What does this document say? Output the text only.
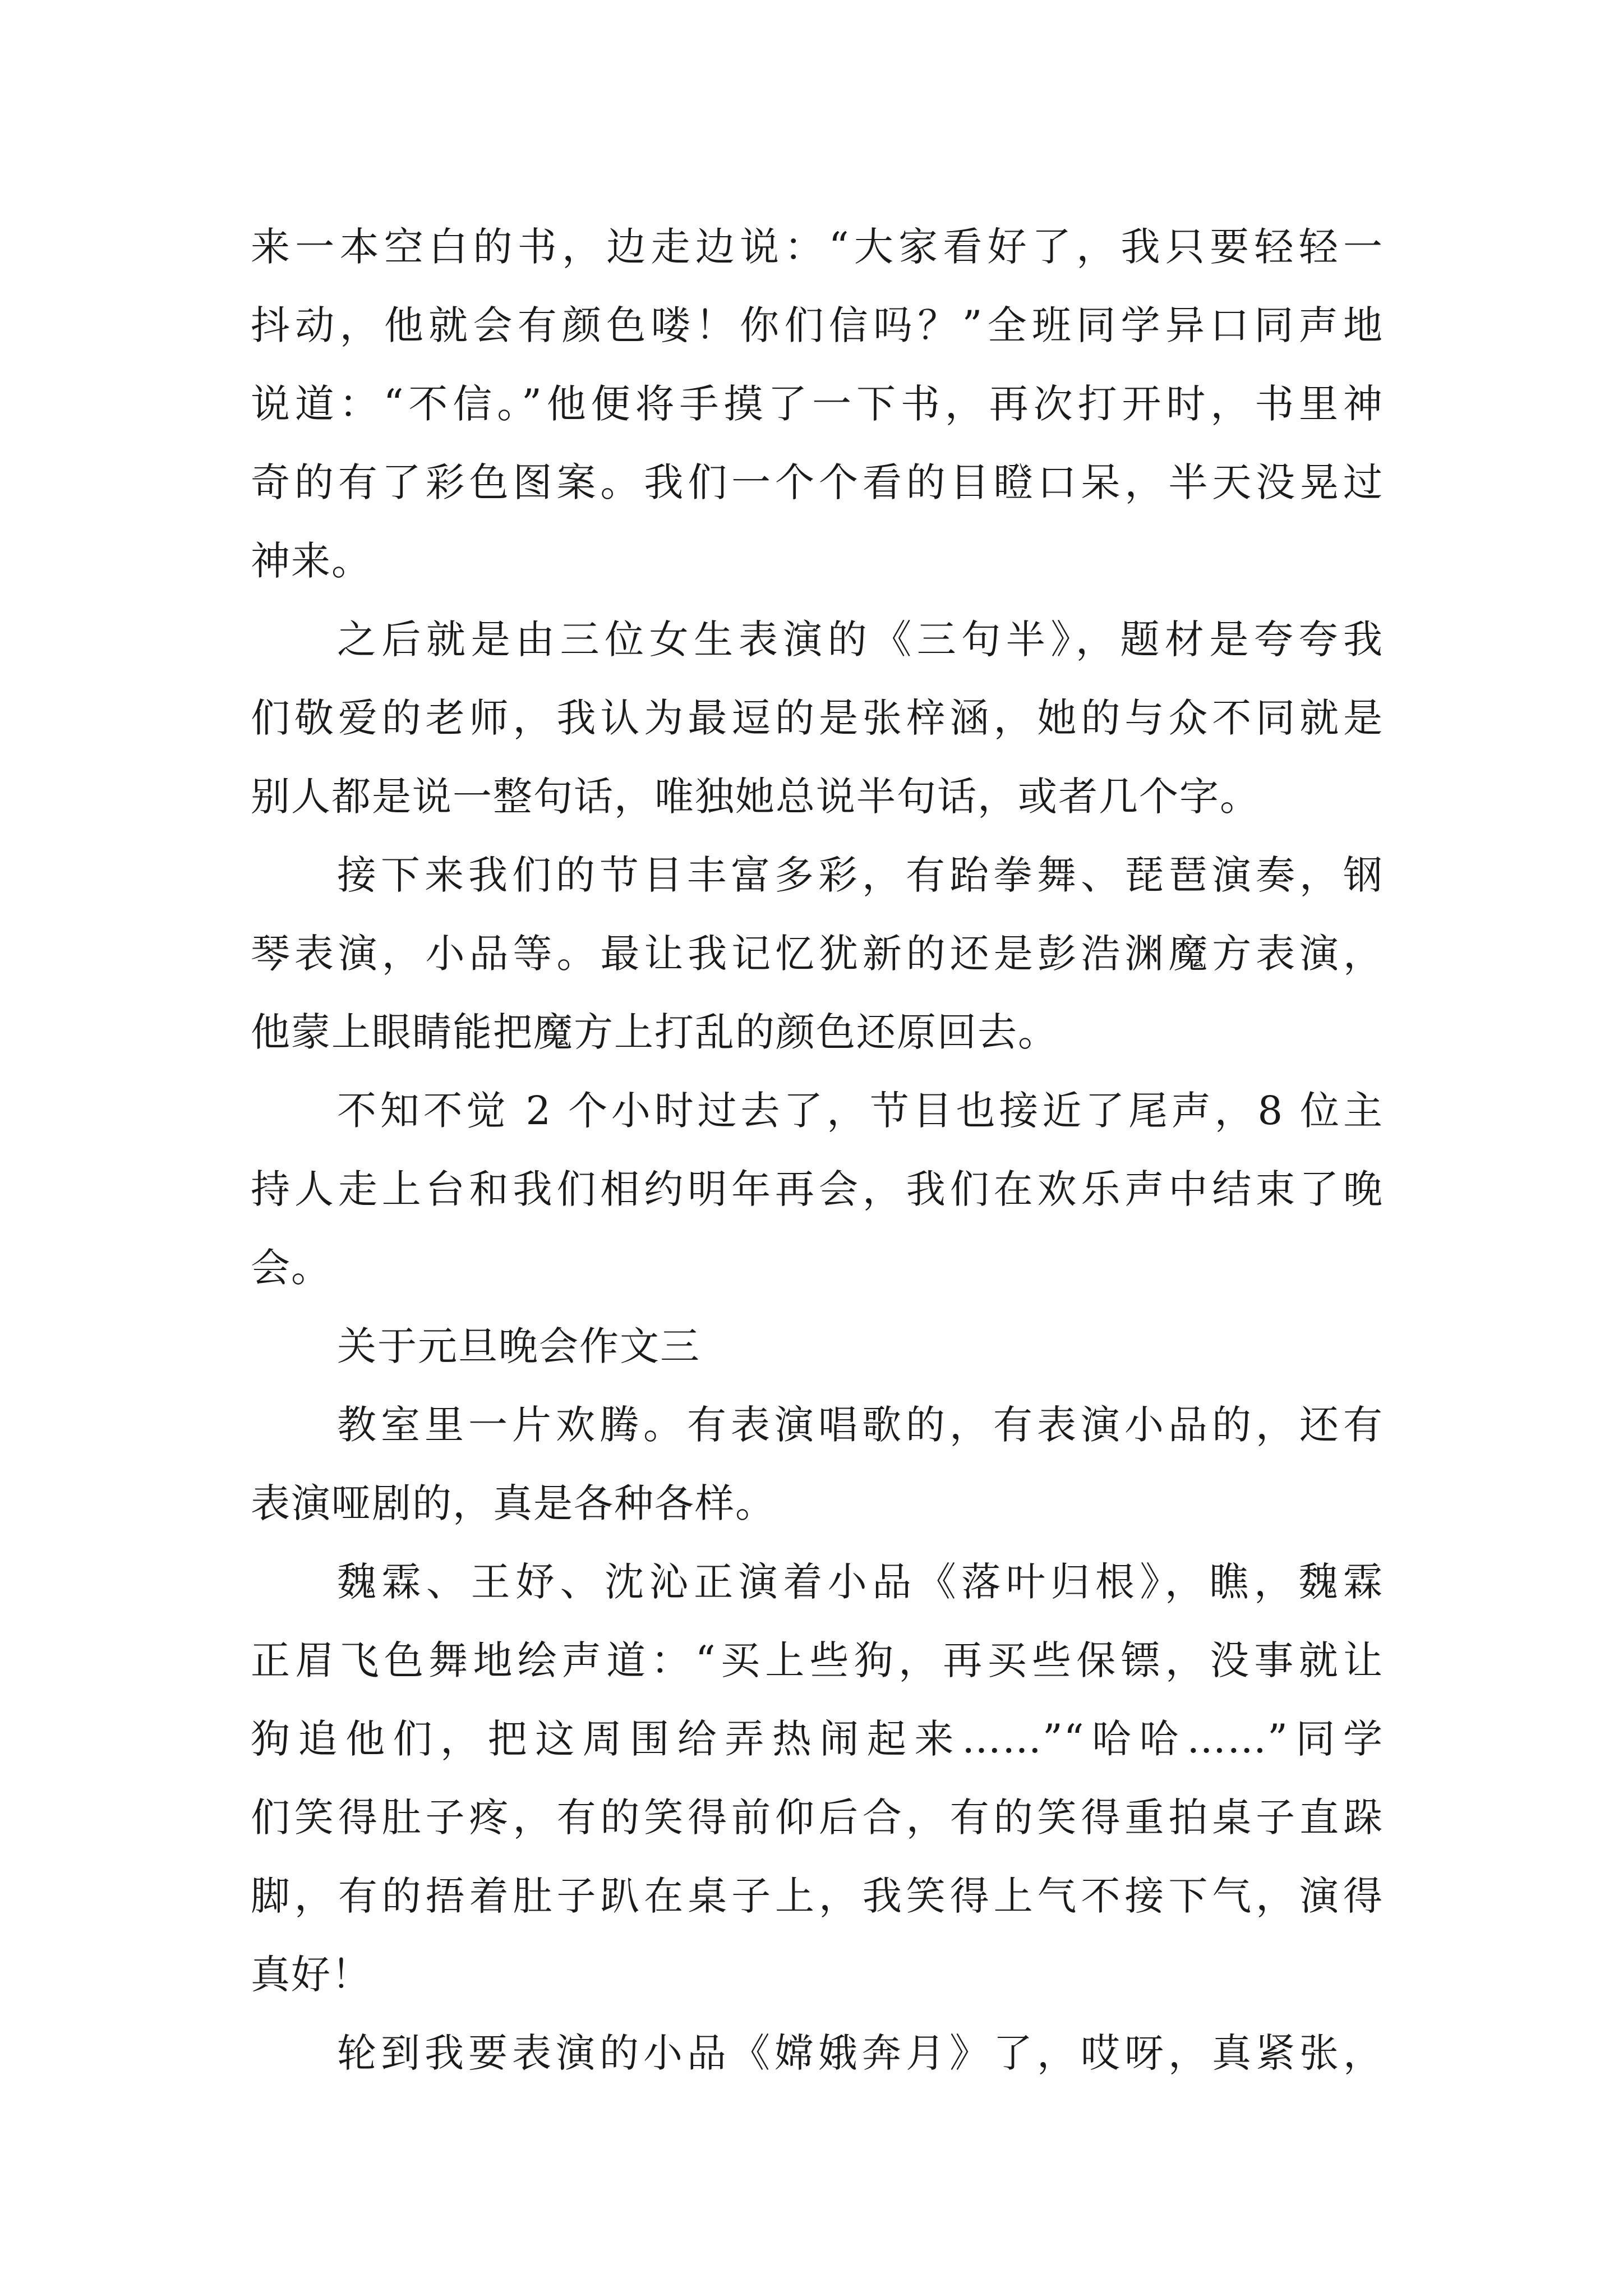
来一本空白的书，边走边说：“大家看好了，我只要轻轻一
抖动，他就会有颜色喽！你们信吗？”全班同学异口同声地
说道：“不信。”他便将手摸了一下书，再次打开时，书里神
奇的有了彩色图案。我们一个个看的目瞪口呆，半天没晃过
神来。
之后就是由三位女生表演的《三句半》，题材是夸夸我
们敬爱的老师，我认为最逗的是张梓涵，她的与众不同就是
别人都是说一整句话，唯独她总说半句话，或者几个字。
接下来我们的节目丰富多彩，有跆拳舞、琵琶演奏，钢
琴表演，小品等。最让我记忆犹新的还是彭浩渊魔方表演，
他蒙上眼睛能把魔方上打乱的颜色还原回去。
不知不觉 2 个小时过去了，节目也接近了尾声，8 位主
持人走上台和我们相约明年再会，我们在欢乐声中结束了晚
会。
关于元旦晚会作文三
教室里一片欢腾。有表演唱歌的，有表演小品的，还有
表演哑剧的，真是各种各样。
魏霖、王妤、沈沁正演着小品《落叶归根》，瞧，魏霖
正眉飞色舞地绘声道：“买上些狗，再买些保镖，没事就让
狗追他们，把这周围给弄热闹起来……”“哈哈……”同学
们笑得肚子疼，有的笑得前仰后合，有的笑得重拍桌子直跺
脚，有的捂着肚子趴在桌子上，我笑得上气不接下气，演得
真好！
轮到我要表演的小品《嫦娥奔月》了，哎呀，真紧张，
